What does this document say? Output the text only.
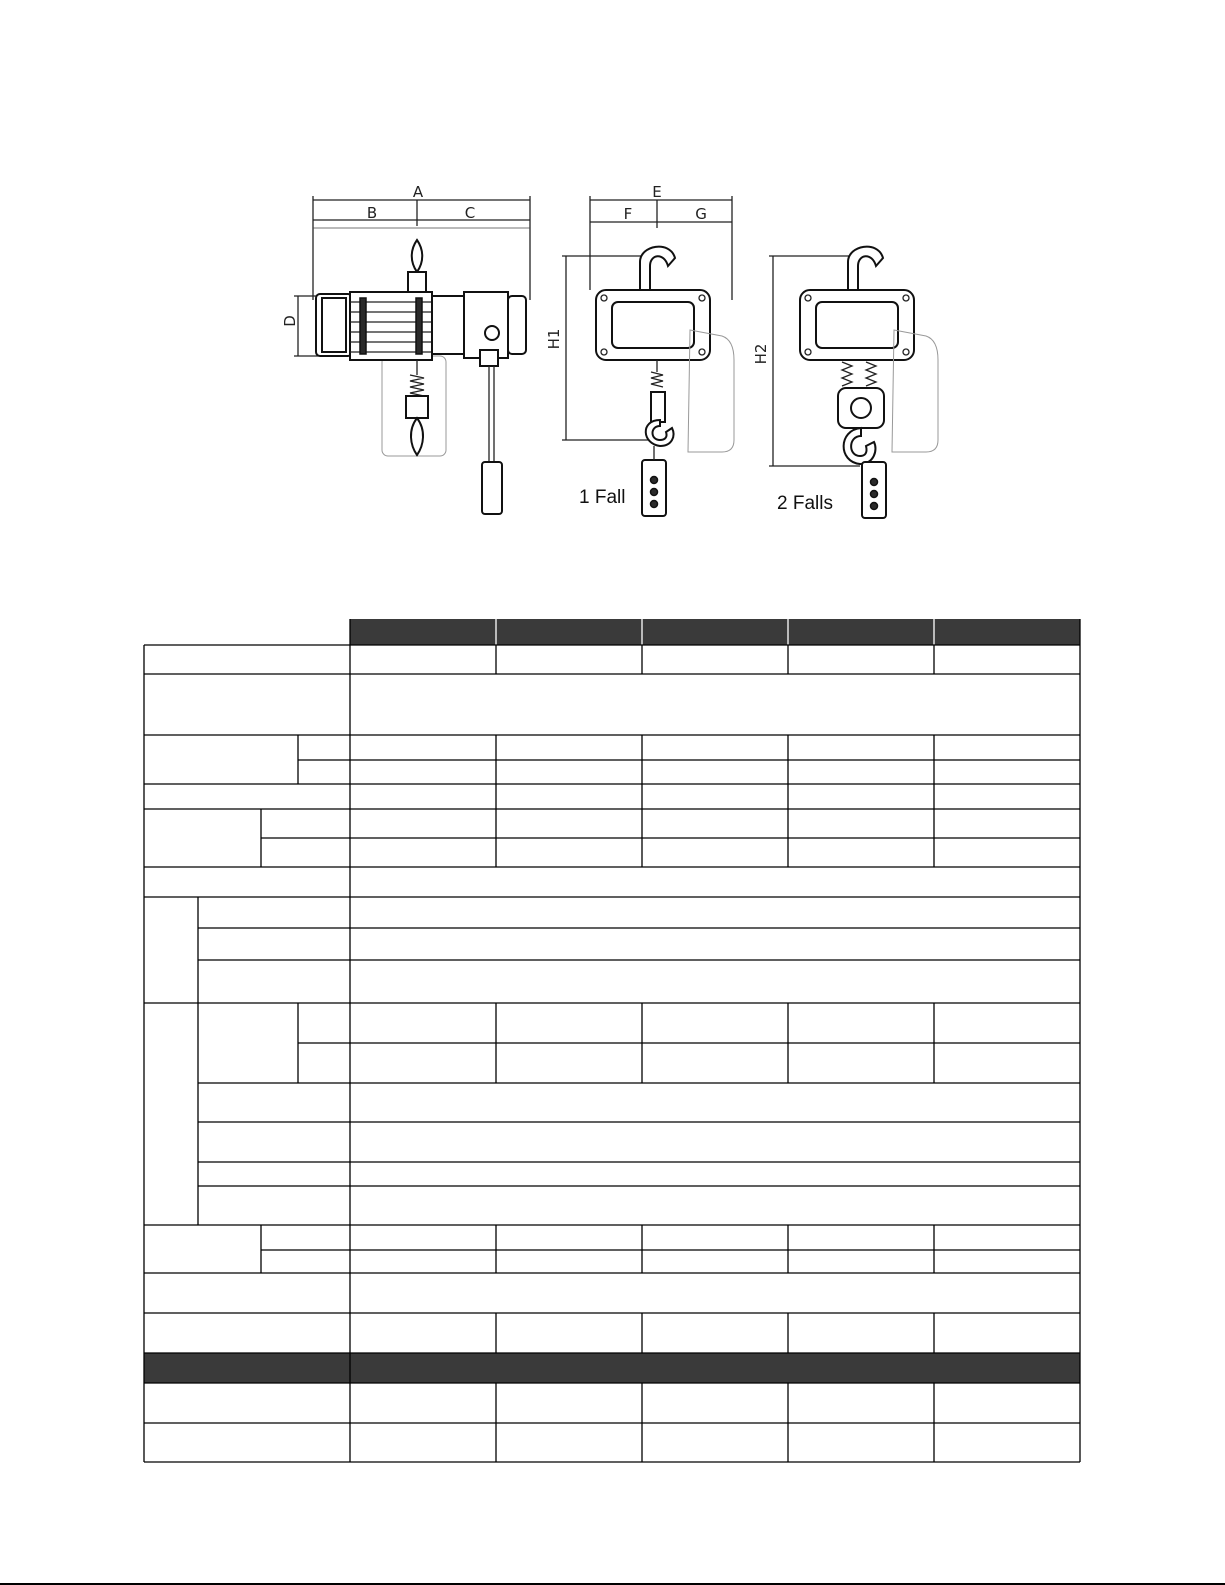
A
B	C
D
E
F	G
H1
1 Fall
H2
2 Falls
